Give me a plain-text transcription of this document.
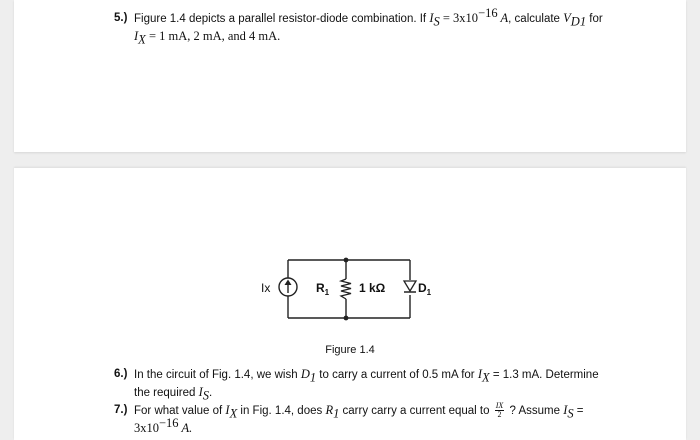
5.) Figure 1.4 depicts a parallel resistor-diode combination. If $I_S = 3x10^{-16}$ A, calculate $V_{D1}$ for
$I_X = 1$ mA, 2 mA, and 4 mA.
Ix	$R_1$ 1 kΩ	$D_1$
Figure 1.4
6.) In the circuit of Fig. 1.4, we wish $D_1$ to carry a current of 0.5 mA for $I_X = 1.3$ mA. Determine
the required $I_S$.
7.) For what value of $I_X$ in Fig. 1.4, does $R_1$ carry carry a current equal to $\frac{IX}{2}$ ? Assume $I_S$ =
$3x10^{-16}$ A.
